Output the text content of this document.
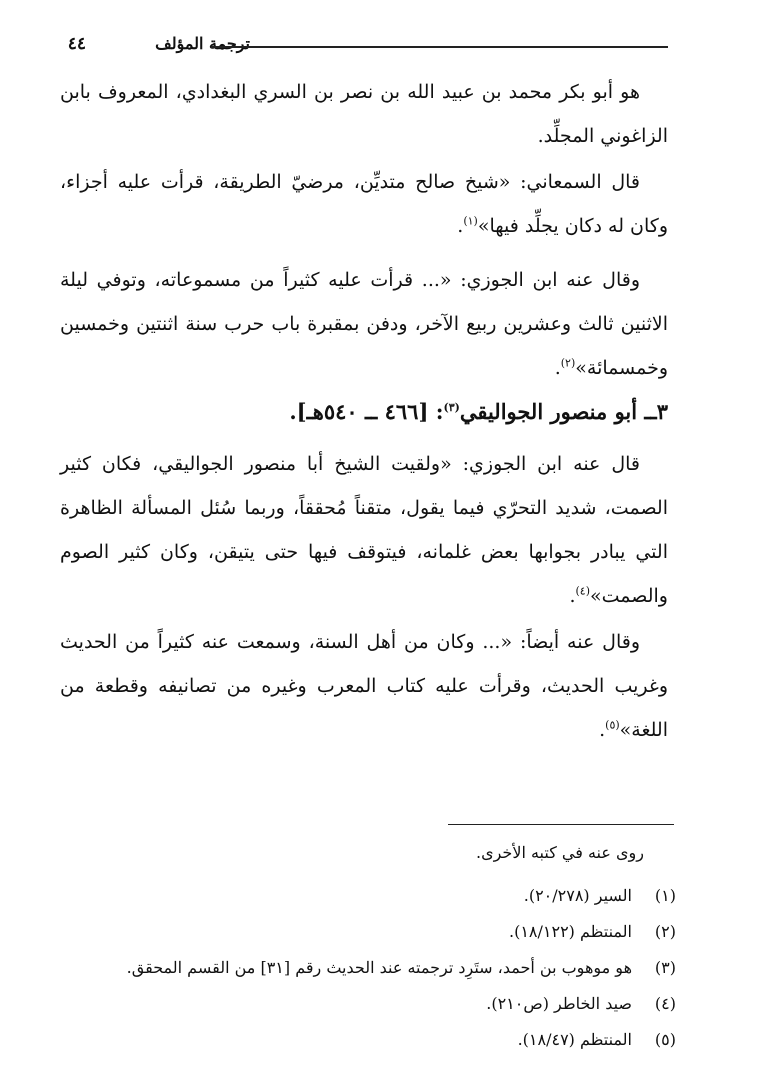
ترجمة المؤلف
٤٤

هو أبو بكر محمد بن عبيد الله بن نصر بن السري البغدادي، المعروف بابن الزاغوني المجلِّد.

قال السمعاني: «شيخ صالح متديِّن، مرضيّ الطريقة، قرأت عليه أجزاء، وكان له دكان يجلِّد فيها»$^{(١)}$.

وقال عنه ابن الجوزي: «... قرأت عليه كثيراً من مسموعاته، وتوفي ليلة الاثنين ثالث وعشرين ربيع الآخر، ودفن بمقبرة باب حرب سنة اثنتين وخمسين وخمسمائة»$^{(٢)}$.

٣ــ أبو منصور الجواليقي$^{(٣)}$: [٤٦٦ ــ ٥٤٠هـ].

قال عنه ابن الجوزي: «ولقيت الشيخ أبا منصور الجواليقي، فكان كثير الصمت، شديد التحرّي فيما يقول، متقناً مُحققاً، وربما سُئل المسألة الظاهرة التي يبادر بجوابها بعض غلمانه، فيتوقف فيها حتى يتيقن، وكان كثير الصوم والصمت»$^{(٤)}$.

وقال عنه أيضاً: «... وكان من أهل السنة، وسمعت عنه كثيراً من الحديث وغريب الحديث، وقرأت عليه كتاب المعرب وغيره من تصانيفه وقطعة من اللغة»$^{(٥)}$.

روى عنه في كتبه الأخرى.

(١)
السير (٢٠/٢٧٨).
(٢)
المنتظم (١٨/١٢٢).
(٣)
هو موهوب بن أحمد، ستَرِد ترجمته عند الحديث رقم [٣١] من القسم المحقق.
(٤)
صيد الخاطر (ص٢١٠).
(٥)
المنتظم (١٨/٤٧).
